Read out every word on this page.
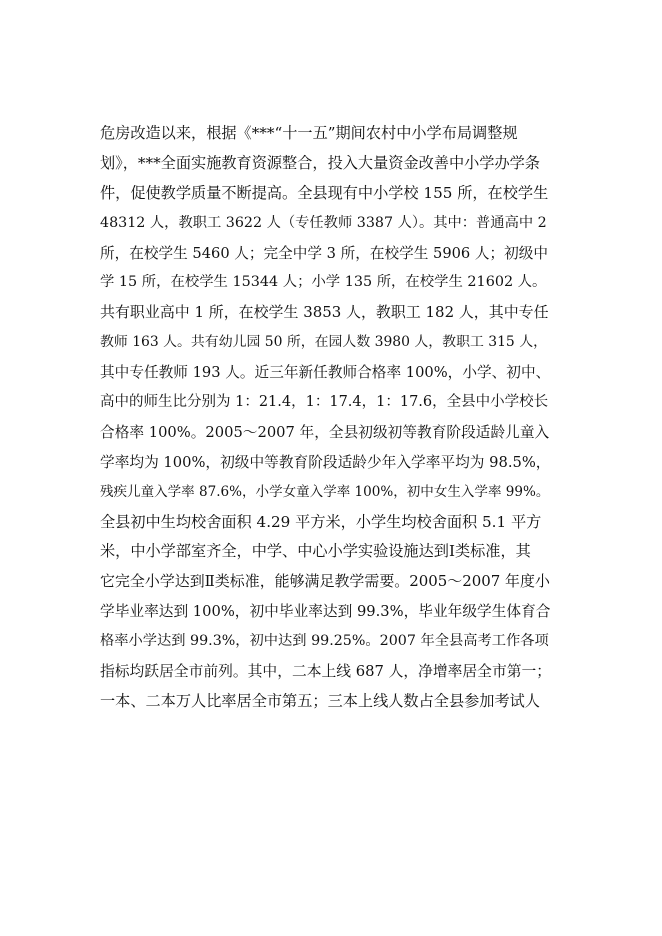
危房改造以来，根据《***“十一五”期间农村中小学布局调整规
划》，***全面实施教育资源整合，投入大量资金改善中小学办学条
件，促使教学质量不断提高。全县现有中小学校 155 所，在校学生
48312 人，教职工 3622 人（专任教师 3387 人）。其中：普通高中 2
所，在校学生 5460 人；完全中学 3 所，在校学生 5906 人；初级中
学 15 所，在校学生 15344 人；小学 135 所，在校学生 21602 人。
共有职业高中 1 所，在校学生 3853 人，教职工 182 人，其中专任
教师 163 人。共有幼儿园 50 所，在园人数 3980 人，教职工 315 人，
其中专任教师 193 人。近三年新任教师合格率 100%，小学、初中、
高中的师生比分别为 1：21.4，1：17.4，1：17.6，全县中小学校长
合格率 100%。2005～2007 年，全县初级初等教育阶段适龄儿童入
学率均为 100%，初级中等教育阶段适龄少年入学率平均为 98.5%，
残疾儿童入学率 87.6%，小学女童入学率 100%，初中女生入学率 99%。
全县初中生均校舍面积 4.29 平方米，小学生均校舍面积 5.1 平方
米，中小学部室齐全，中学、中心小学实验设施达到Ⅰ类标准，其
它完全小学达到Ⅱ类标准，能够满足教学需要。2005～2007 年度小
学毕业率达到 100%，初中毕业率达到 99.3%，毕业年级学生体育合
格率小学达到 99.3%，初中达到 99.25%。2007 年全县高考工作各项
指标均跃居全市前列。其中，二本上线 687 人，净增率居全市第一；
一本、二本万人比率居全市第五；三本上线人数占全县参加考试人
